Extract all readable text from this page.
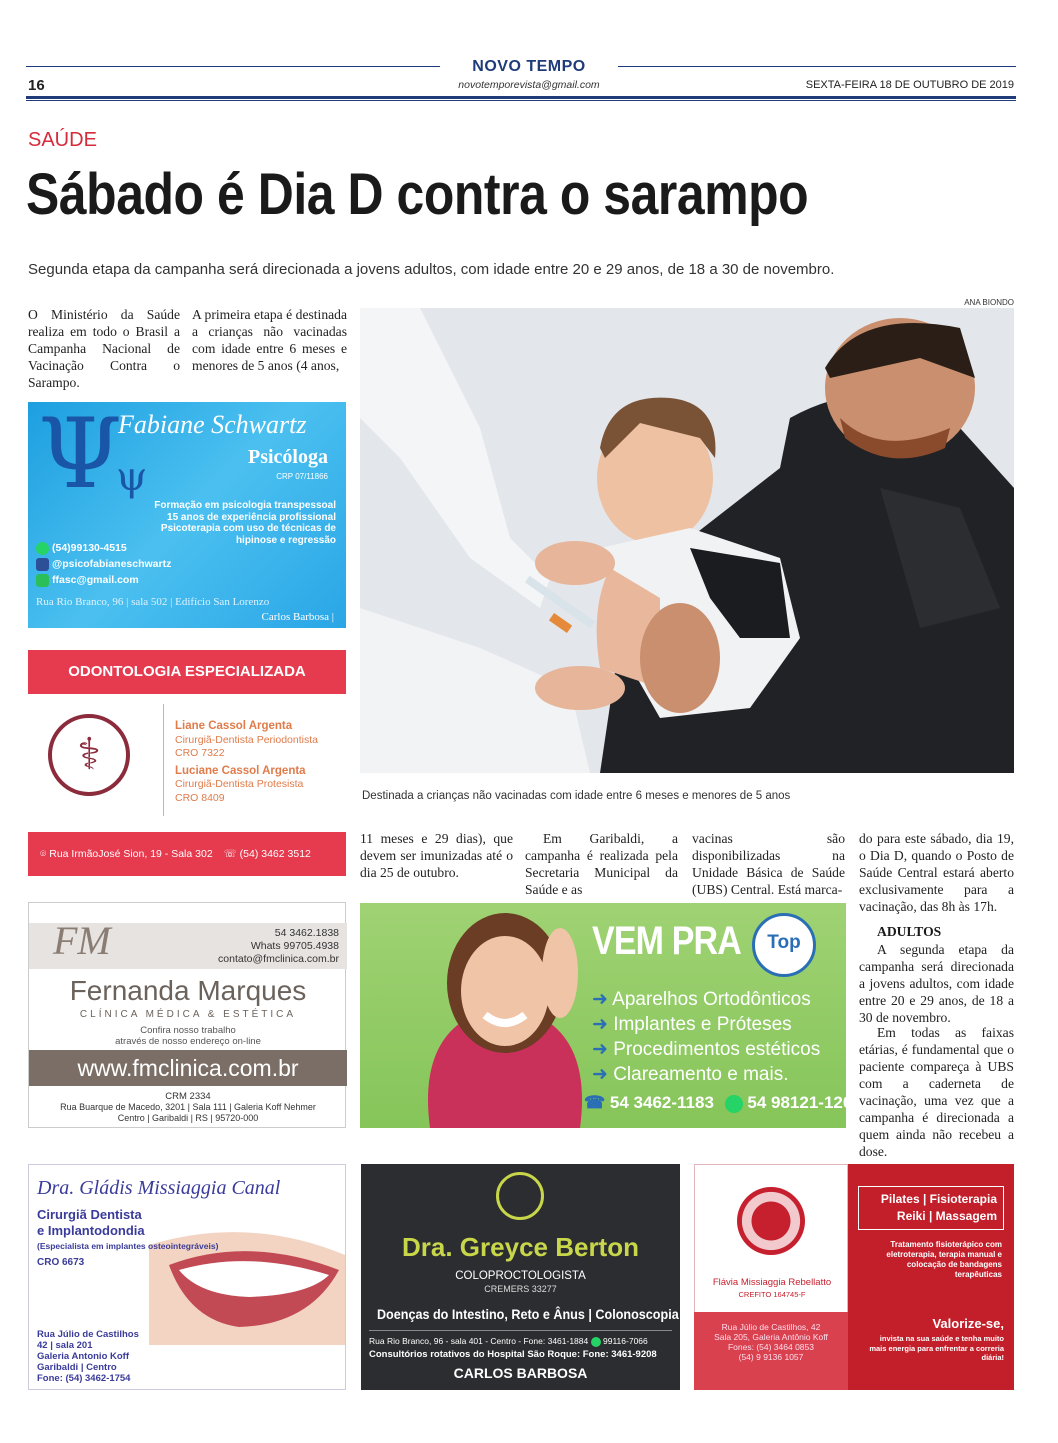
NOVO TEMPO
novotemporevista@gmail.com
16	SEXTA-FEIRA 18 DE OUTUBRO DE 2019
SAÚDE
Sábado é Dia D contra o sarampo
Segunda etapa da campanha será direcionada a jovens adultos, com idade entre 20 e 29 anos, de 18 a 30 de novembro.
O Ministério da Saúde realiza em todo o Brasil a Campanha Nacional de Vacinação Contra o Sarampo.
A primeira etapa é destinada a crianças não vacinadas com idade entre 6 meses e menores de 5 anos (4 anos,
ANA BIONDO
Destinada a crianças não vacinadas com idade entre 6 meses e menores de 5 anos
11 meses e 29 dias), que devem ser imunizadas até o dia 25 de outubro.
Em Garibaldi, a campanha é realizada pela Secretaria Municipal da Saúde e as
vacinas são disponibilizadas na Unidade Básica de Saúde (UBS) Central. Está marca-
do para este sábado, dia 19, o Dia D, quando o Posto de Saúde Central estará aberto exclusivamente para a vacinação, das 8h às 17h.
ADULTOS
A segunda etapa da campanha será direcionada a jovens adultos, com idade entre 20 e 29 anos, de 18 a 30 de novembro.
Em todas as faixas etárias, é fundamental que o paciente compareça à UBS com a caderneta de vacinação, uma vez que a campanha é direcionada a quem ainda não recebeu a dose.
Ψ
ψ
Fabiane Schwartz
Psicóloga
CRP 07/11866
Formação em psicologia transpessoal
15 anos de experiência profissional
Psicoterapia com uso de técnicas de
hipinose e regressão
(54)99130-4515
@psicofabianeschwartz
ffasc@gmail.com
Rua Rio Branco, 96 | sala 502 | Edifício San Lorenzo
Carlos Barbosa |
ODONTOLOGIA ESPECIALIZADA
⚕
Liane Cassol Argenta
Cirurgiã-Dentista Periodontista
CRO 7322
Luciane Cassol Argenta
Cirurgiã-Dentista Protesista
CRO 8409
⌾ Rua IrmãoJosé Sion, 19 - Sala 302 ☏ (54) 3462 3512
FM	54 3462.1838
Whats 99705.4938
contato@fmclinica.com.br
Fernanda Marques
CLÍNICA MÉDICA & ESTÉTICA
Confira nosso trabalho
através de nosso endereço on-line
www.fmclinica.com.br
CRM 2334
Rua Buarque de Macedo, 3201 | Sala 111 | Galeria Koff Nehmer
Centro | Garibaldi | RS | 95720-000
VEM PRA	Top
➜ Aparelhos Ortodônticos
➜ Implantes e Próteses
➜ Procedimentos estéticos
➜ Clareamento e mais.
☎ 54 3462-1183 54 98121-1201
Dra. Gládis Missiaggia Canal
Cirurgiã Dentista
e Implantodondia
(Especialista em implantes osteointegráveis)
CRO 6673
Rua Júlio de Castilhos
42 | sala 201
Galeria Antonio Koff
Garibaldi | Centro
Fone: (54) 3462-1754
Dra. Greyce Berton
COLOPROCTOLOGISTA
CREMERS 33277
Doenças do Intestino, Reto e Ânus | Colonoscopia
Rua Rio Branco, 96 - sala 401 - Centro - Fone: 3461-1884 99116-7066
Consultórios rotativos do Hospital São Roque: Fone: 3461-9208
CARLOS BARBOSA
Flávia Missiaggia Rebellatto
CREFITO 164745-F
Rua Júlio de Castilhos, 42
Sala 205, Galeria Antônio Koff
Fones: (54) 3464 0853
(54) 9 9136 1057
Pilates | Fisioterapia
Reiki | Massagem
Tratamento fisioterápico com eletroterapia, terapia manual e colocação de bandagens terapêuticas
Valorize-se,
invista na sua saúde e tenha muito mais energia para enfrentar a correria diária!
